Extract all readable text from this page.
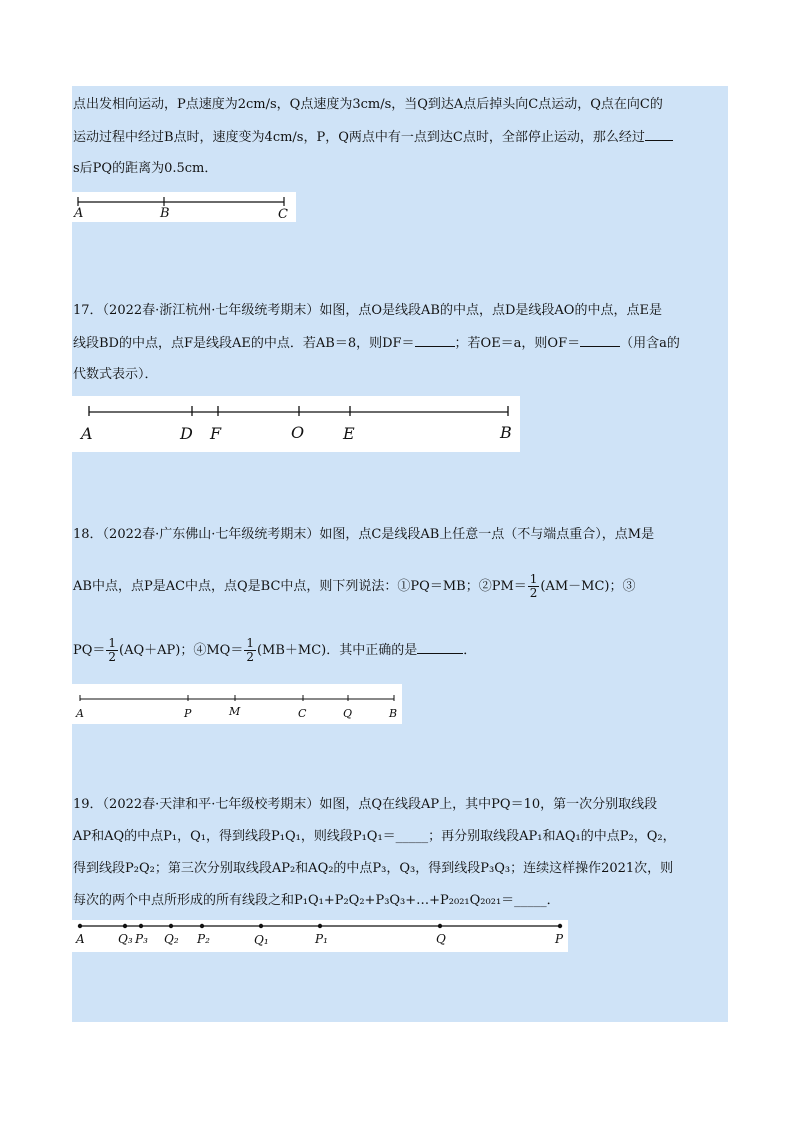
点出发相向运动，P点速度为2cm/s，Q点速度为3cm/s，当Q到达A点后掉头向C点运动，Q点在向C的
运动过程中经过B点时，速度变为4cm/s，P，Q两点中有一点到达C点时，全部停止运动，那么经过
s后PQ的距离为0.5cm．
A	B	C
17．（2022春·浙江杭州·七年级统考期末）如图，点O是线段AB的中点，点D是线段AO的中点，点E是
线段BD的中点，点F是线段AE的中点．若AB＝8，则DF＝	；若OE＝a，则OF＝	（用含a的
代数式表示）．
A	D F	O E	B
18．（2022春·广东佛山·七年级统考期末）如图，点C是线段AB上任意一点（不与端点重合），点M是
AB中点，点P是AC中点，点Q是BC中点，则下列说法：①PQ＝MB；②PM＝ $\frac{1}{2} (AM-MC)$；③
$PQ= \frac{1}{2} (AQ+AP)$；④MQ＝ $\frac{1}{2} (MB+MC)$．其中正确的是	．
A	P	M	C	Q	B
19．（2022春·天津和平·七年级校考期末）如图，点Q在线段AP上，其中PQ＝10，第一次分别取线段
AP和AQ的中点P₁，Q₁，得到线段P₁Q₁，则线段P₁Q₁＝_____；再分别取线段AP₁和AQ₁的中点P₂，Q₂，
得到线段P₂Q₂；第三次分别取线段AP₂和AQ₂的中点P₃，Q₃，得到线段P₃Q₃；连续这样操作2021次，则
每次的两个中点所形成的所有线段之和P₁Q₁+P₂Q₂+P₃Q₃+…+P₂₀₂₁Q₂₀₂₁＝_____．
A	Q₃ P₃ Q₂ P₂	Q₁	P₁	Q	P
